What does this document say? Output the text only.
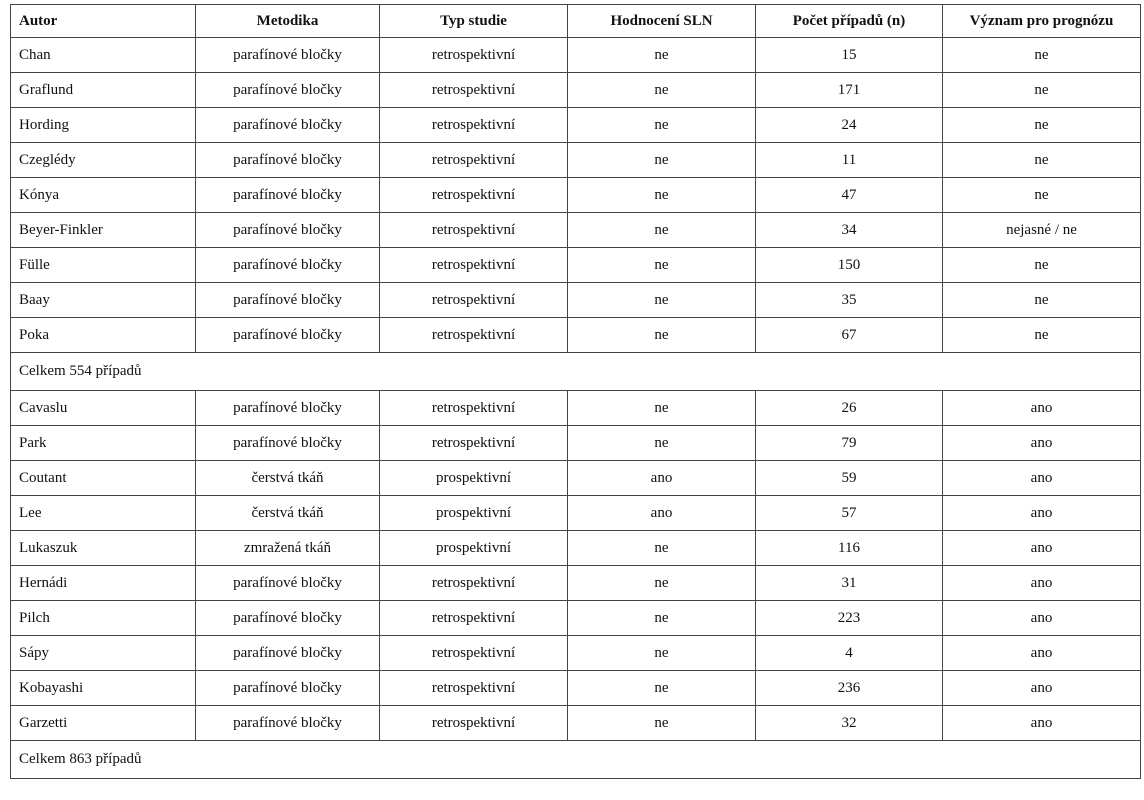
Autor	Metodika	Typ studie	Hodnocení SLN	Počet případů (n)	Význam pro prognózu
Chan	parafínové bločky	retrospektivní	ne	15	ne
Graflund	parafínové bločky	retrospektivní	ne	171	ne
Hording	parafínové bločky	retrospektivní	ne	24	ne
Czeglédy	parafínové bločky	retrospektivní	ne	11	ne
Kónya	parafínové bločky	retrospektivní	ne	47	ne
Beyer-Finkler	parafínové bločky	retrospektivní	ne	34	nejasné / ne
Fülle	parafínové bločky	retrospektivní	ne	150	ne
Baay	parafínové bločky	retrospektivní	ne	35	ne
Poka	parafínové bločky	retrospektivní	ne	67	ne
Celkem 554 případů					
Cavaslu	parafínové bločky	retrospektivní	ne	26	ano
Park	parafínové bločky	retrospektivní	ne	79	ano
Coutant	čerstvá tkáň	prospektivní	ano	59	ano
Lee	čerstvá tkáň	prospektivní	ano	57	ano
Lukaszuk	zmražená tkáň	prospektivní	ne	116	ano
Hernádi	parafínové bločky	retrospektivní	ne	31	ano
Pilch	parafínové bločky	retrospektivní	ne	223	ano
Sápy	parafínové bločky	retrospektivní	ne	4	ano
Kobayashi	parafínové bločky	retrospektivní	ne	236	ano
Garzetti	parafínové bločky	retrospektivní	ne	32	ano
Celkem 863 případů					
